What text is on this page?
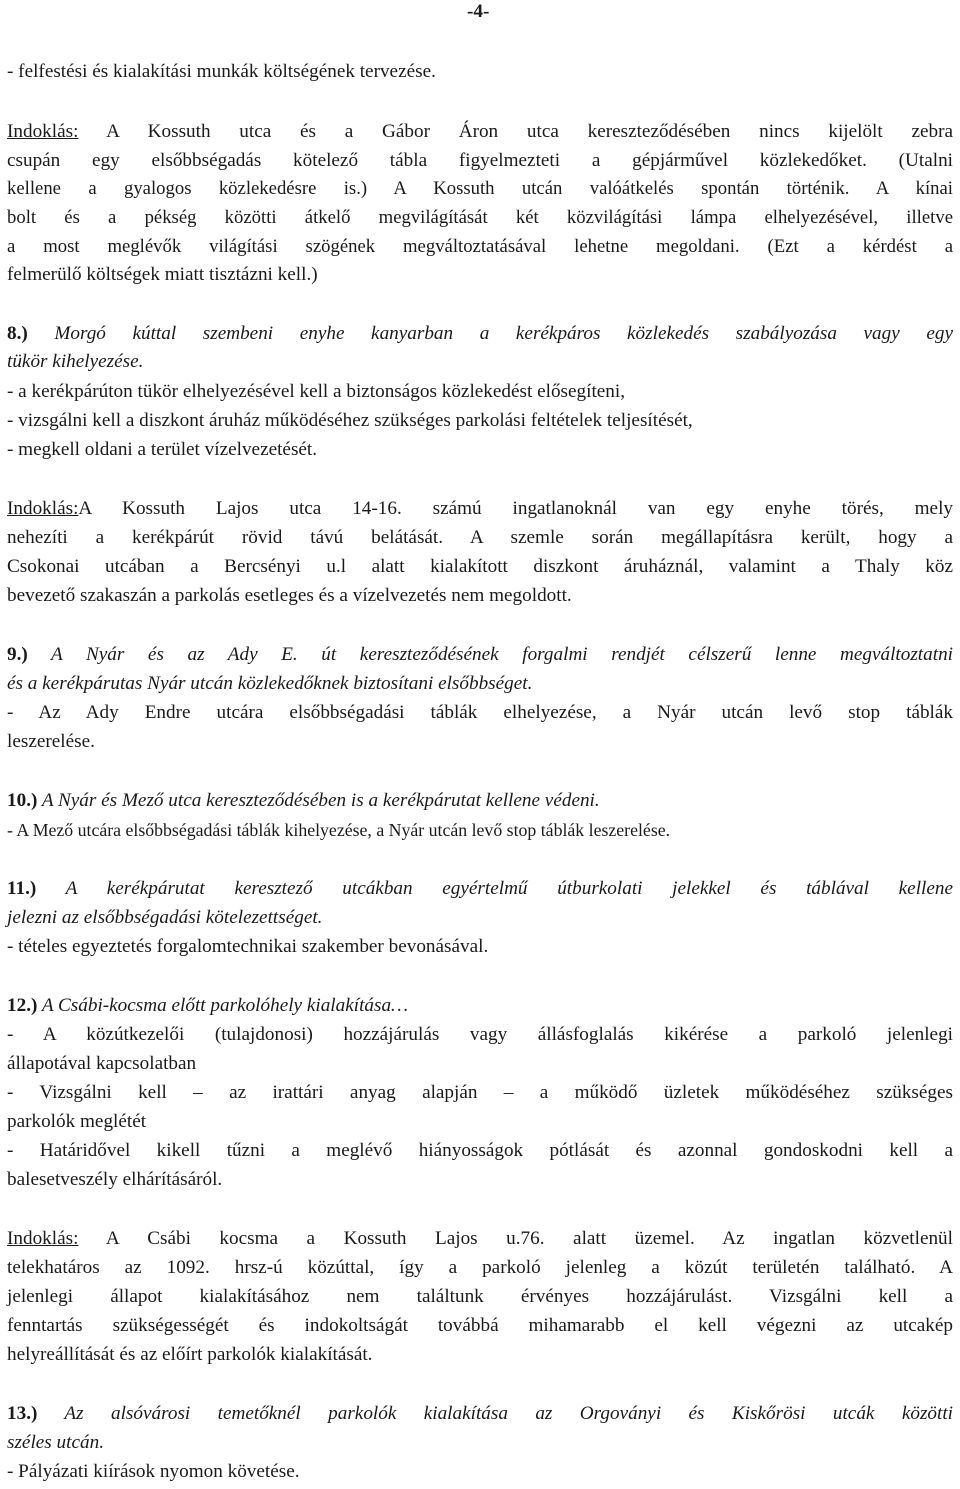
-4-
- felfestési és kialakítási munkák költségének tervezése.
Indoklás: A Kossuth utca és a Gábor Áron utca kereszteződésében nincs kijelölt zebra
csupán egy elsőbbségadás kötelező tábla figyelmezteti a gépjárművel közlekedőket. (Utalni
kellene a gyalogos közlekedésre is.) A Kossuth utcán valóátkelés spontán történik. A kínai
bolt és a pékség közötti átkelő megvilágítását két közvilágítási lámpa elhelyezésével, illetve
a most meglévők világítási szögének megváltoztatásával lehetne megoldani. (Ezt a kérdést a
felmerülő költségek miatt tisztázni kell.)
8.) Morgó kúttal szembeni enyhe kanyarban a kerékpáros közlekedés szabályozása vagy egy
tükör kihelyezése.
- a kerékpárúton tükör elhelyezésével kell a biztonságos közlekedést elősegíteni,
- vizsgálni kell a diszkont áruház működéséhez szükséges parkolási feltételek teljesítését,
- megkell oldani a terület vízelvezetését.
Indoklás:A Kossuth Lajos utca 14-16. számú ingatlanoknál van egy enyhe törés, mely
nehezíti a kerékpárút rövid távú belátását. A szemle során megállapításra került, hogy a
Csokonai utcában a Bercsényi u.l alatt kialakított diszkont áruháznál, valamint a Thaly köz
bevezető szakaszán a parkolás esetleges és a vízelvezetés nem megoldott.
9.) A Nyár és az Ady E. út kereszteződésének forgalmi rendjét célszerű lenne megváltoztatni
és a kerékpárutas Nyár utcán közlekedőknek biztosítani elsőbbséget.
- Az Ady Endre utcára elsőbbségadási táblák elhelyezése, a Nyár utcán levő stop táblák
leszerelése.
10.) A Nyár és Mező utca kereszteződésében is a kerékpárutat kellene védeni.
- A Mező utcára elsőbbségadási táblák kihelyezése, a Nyár utcán levő stop táblák leszerelése.
11.) A kerékpárutat keresztező utcákban egyértelmű útburkolati jelekkel és táblával kellene
jelezni az elsőbbségadási kötelezettséget.
- tételes egyeztetés forgalomtechnikai szakember bevonásával.
12.) A Csábi-kocsma előtt parkolóhely kialakítása…
- A közútkezelői (tulajdonosi) hozzájárulás vagy állásfoglalás kikérése a parkoló jelenlegi
állapotával kapcsolatban
- Vizsgálni kell – az irattári anyag alapján – a működő üzletek működéséhez szükséges
parkolók meglétét
- Határidővel kikell tűzni a meglévő hiányosságok pótlását és azonnal gondoskodni kell a
balesetveszély elhárításáról.
Indoklás: A Csábi kocsma a Kossuth Lajos u.76. alatt üzemel. Az ingatlan közvetlenül
telekhatáros az 1092. hrsz-ú közúttal, így a parkoló jelenleg a közút területén található. A
jelenlegi állapot kialakításához nem találtunk érvényes hozzájárulást. Vizsgálni kell a
fenntartás szükségességét és indokoltságát továbbá mihamarabb el kell végezni az utcakép
helyreállítását és az előírt parkolók kialakítását.
13.) Az alsóvárosi temetőknél parkolók kialakítása az Orgoványi és Kiskőrösi utcák közötti
széles utcán.
- Pályázati kiírások nyomon követése.
